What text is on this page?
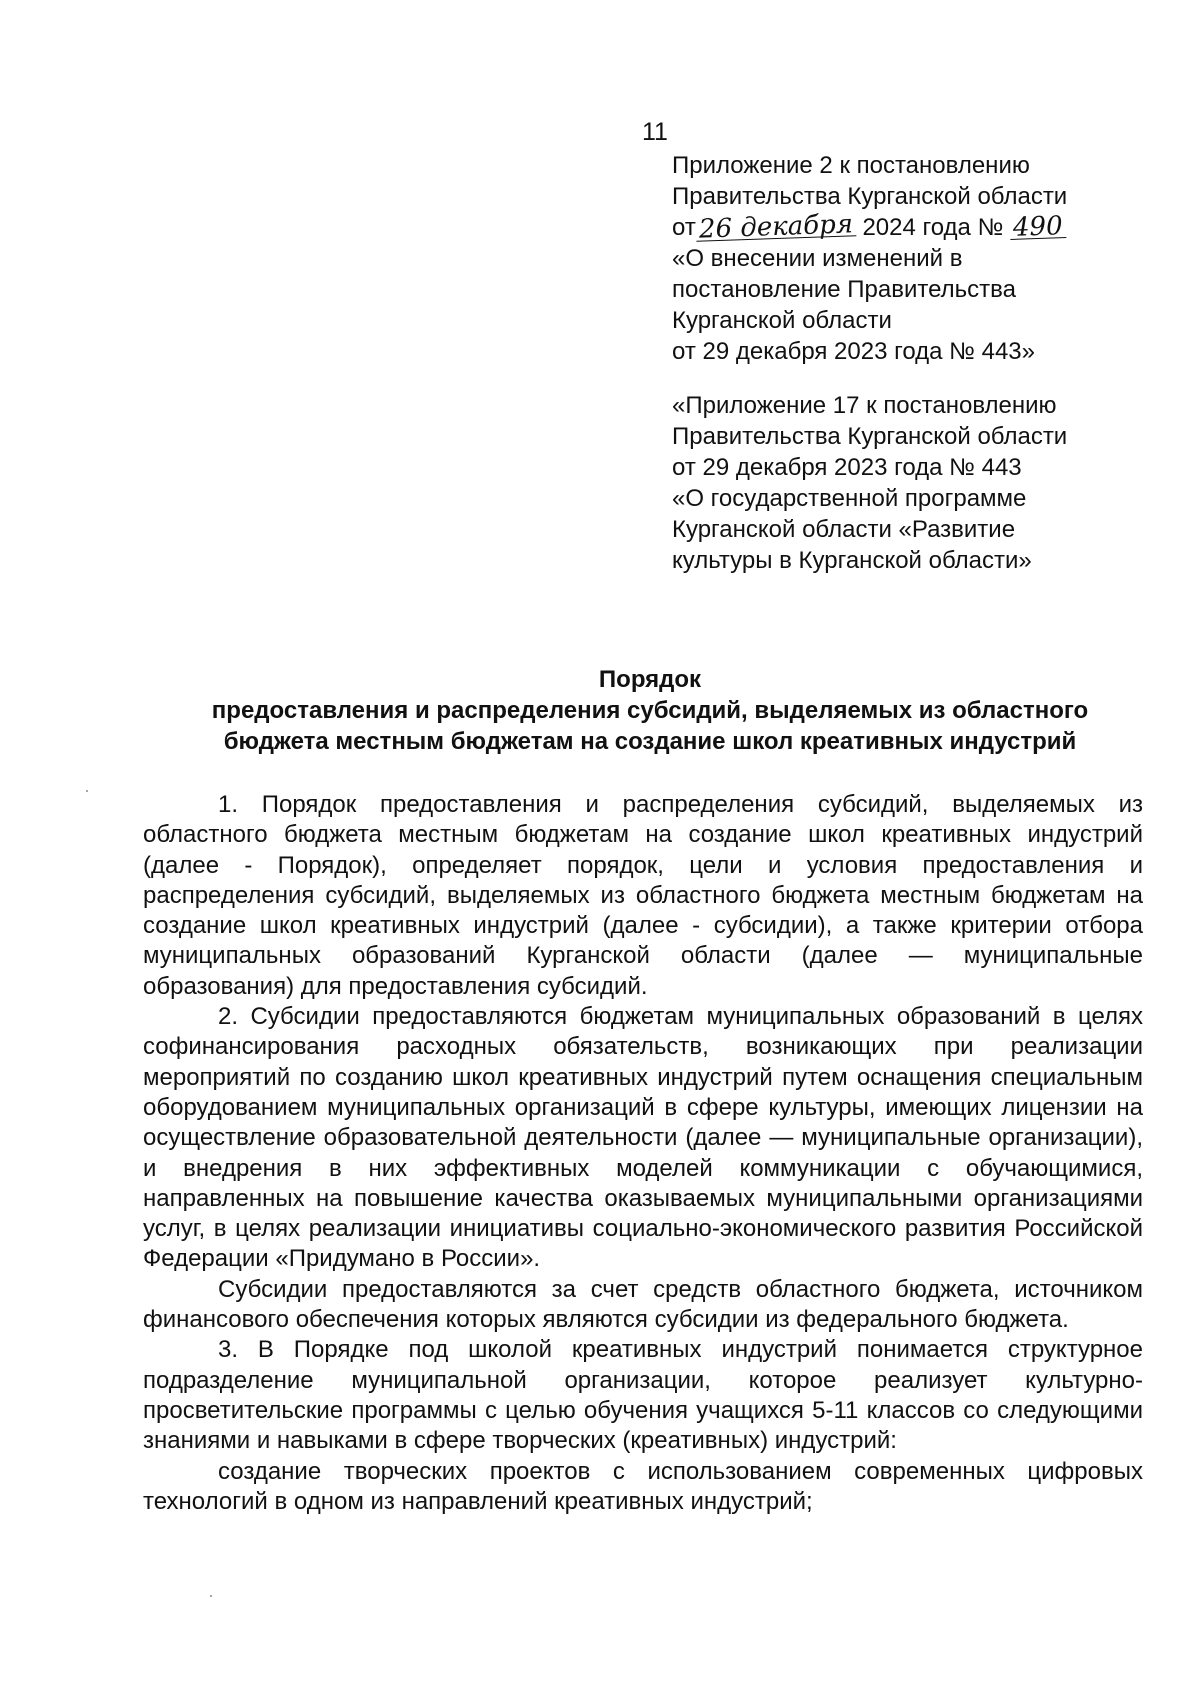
11
Приложение 2 к постановлению
Правительства Курганской области
от26 декабря 2024 года № 490
«О внесении изменений в
постановление Правительства
Курганской области
от 29 декабря 2023 года № 443»
«Приложение 17 к постановлению
Правительства Курганской области
от 29 декабря 2023 года № 443
«О государственной программе
Курганской области «Развитие
культуры в Курганской области»
Порядок
предоставления и распределения субсидий, выделяемых из областного
бюджета местным бюджетам на создание школ креативных индустрий

1. Порядок предоставления и распределения субсидий, выделяемых из областного бюджета местным бюджетам на создание школ креативных индустрий (далее - Порядок), определяет порядок, цели и условия предоставления и распределения субсидий, выделяемых из областного бюджета местным бюджетам на создание школ креативных индустрий (далее - субсидии), а также критерии отбора муниципальных образований Курганской области (далее — муниципальные образования) для предоставления субсидий.

2. Субсидии предоставляются бюджетам муниципальных образований в целях софинансирования расходных обязательств, возникающих при реализации мероприятий по созданию школ креативных индустрий путем оснащения специальным оборудованием муниципальных организаций в сфере культуры, имеющих лицензии на осуществление образовательной деятельности (далее — муниципальные организации), и внедрения в них эффективных моделей коммуникации с обучающимися, направленных на повышение качества оказываемых муниципальными организациями услуг, в целях реализации инициативы социально-экономического развития Российской Федерации «Придумано в России».

Субсидии предоставляются за счет средств областного бюджета, источником финансового обеспечения которых являются субсидии из федерального бюджета.

3. В Порядке под школой креативных индустрий понимается структурное подразделение муниципальной организации, которое реализует культурно-просветительские программы с целью обучения учащихся 5-11 классов со следующими знаниями и навыками в сфере творческих (креативных) индустрий:

создание творческих проектов с использованием современных цифровых технологий в одном из направлений креативных индустрий;
